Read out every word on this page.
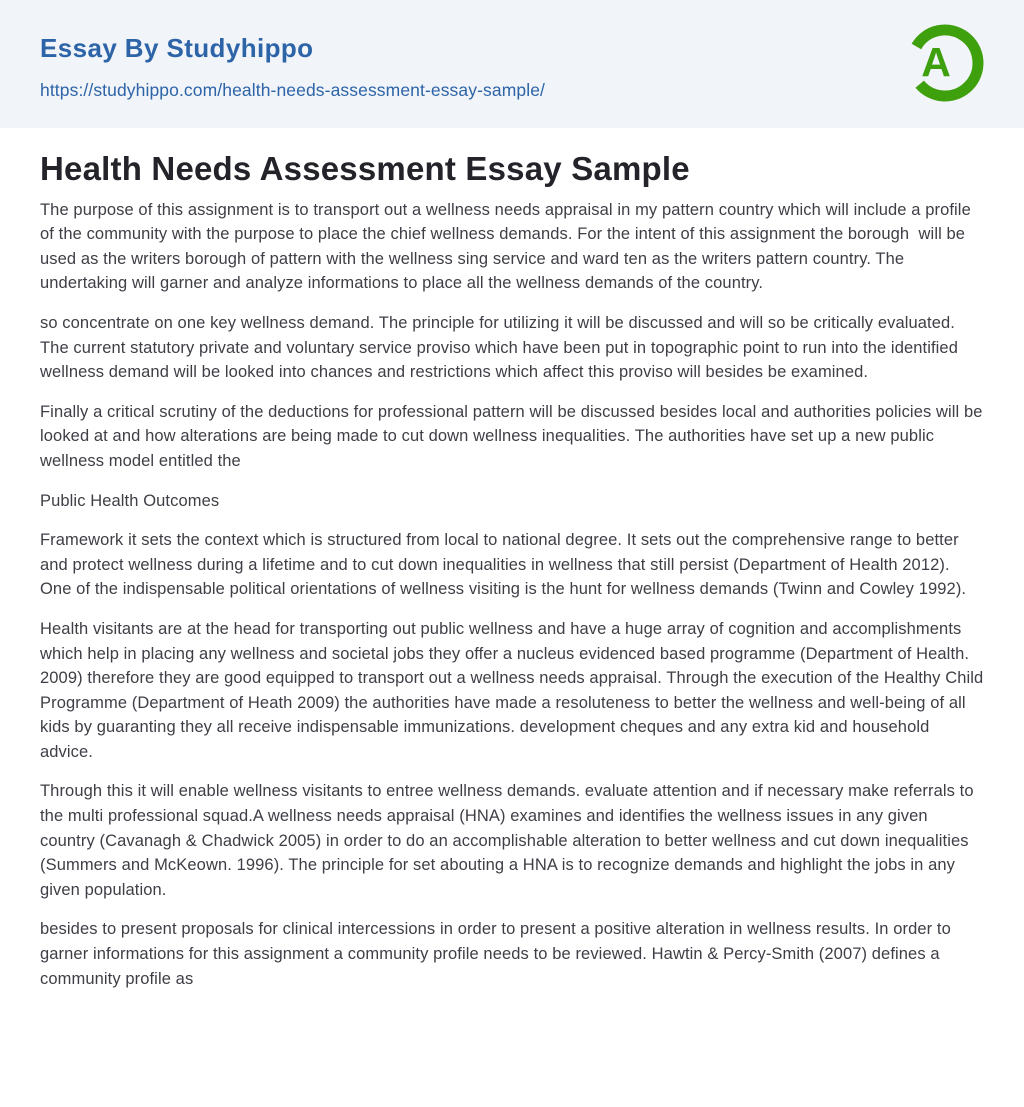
Essay By Studyhippo
https://studyhippo.com/health-needs-assessment-essay-sample/
A
Health Needs Assessment Essay Sample

The purpose of this assignment is to transport out a wellness needs appraisal in my pattern country which will include a profile of the community with the purpose to place the chief wellness demands. For the intent of this assignment the borough  will be used as the writers borough of pattern with the wellness sing service and ward ten as the writers pattern country. The undertaking will garner and analyze informations to place all the wellness demands of the country.

so concentrate on one key wellness demand. The principle for utilizing it will be discussed and will so be critically evaluated. The current statutory private and voluntary service proviso which have been put in topographic point to run into the identified wellness demand will be looked into chances and restrictions which affect this proviso will besides be examined.

Finally a critical scrutiny of the deductions for professional pattern will be discussed besides local and authorities policies will be looked at and how alterations are being made to cut down wellness inequalities. The authorities have set up a new public wellness model entitled the

Public Health Outcomes

Framework it sets the context which is structured from local to national degree. It sets out the comprehensive range to better and protect wellness during a lifetime and to cut down inequalities in wellness that still persist (Department of Health 2012). One of the indispensable political orientations of wellness visiting is the hunt for wellness demands (Twinn and Cowley 1992).

Health visitants are at the head for transporting out public wellness and have a huge array of cognition and accomplishments which help in placing any wellness and societal jobs they offer a nucleus evidenced based programme (Department of Health. 2009) therefore they are good equipped to transport out a wellness needs appraisal. Through the execution of the Healthy Child Programme (Department of Heath 2009) the authorities have made a resoluteness to better the wellness and well-being of all kids by guaranting they all receive indispensable immunizations. development cheques and any extra kid and household advice.

Through this it will enable wellness visitants to entree wellness demands. evaluate attention and if necessary make referrals to the multi professional squad.A wellness needs appraisal (HNA) examines and identifies the wellness issues in any given country (Cavanagh & Chadwick 2005) in order to do an accomplishable alteration to better wellness and cut down inequalities (Summers and McKeown. 1996). The principle for set abouting a HNA is to recognize demands and highlight the jobs in any given population.

besides to present proposals for clinical intercessions in order to present a positive alteration in wellness results. In order to garner informations for this assignment a community profile needs to be reviewed. Hawtin & Percy-Smith (2007) defines a community profile as
